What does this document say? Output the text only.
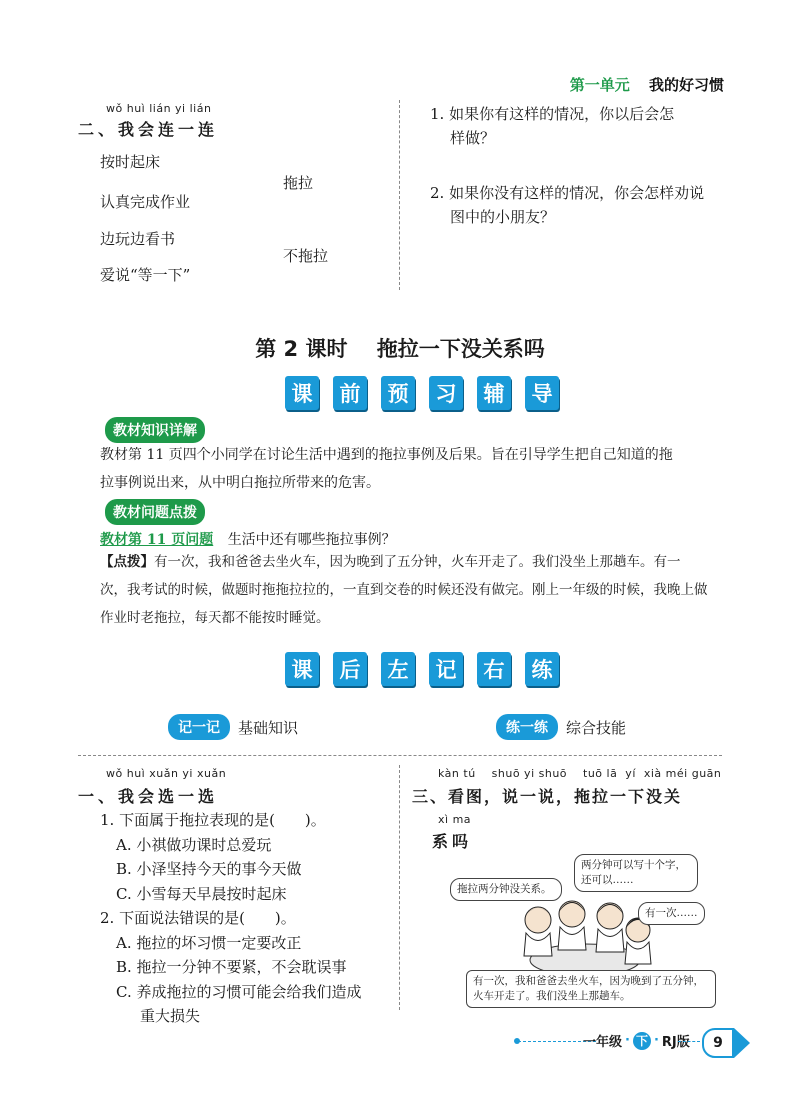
第一单元 我的好习惯
wǒ huì lián yi lián
二、我会连一连
按时起床
认真完成作业
边玩边看书
爱说“等一下”
拖拉
不拖拉
1. 如果你有这样的情况，你以后会怎
样做？
2. 如果你没有这样的情况，你会怎样劝说
图中的小朋友？
第 2 课时    拖拉一下没关系吗
课	前	预	习	辅	导
教材知识详解
教材第 11 页四个小同学在讨论生活中遇到的拖拉事例及后果。旨在引导学生把自己知道的拖
拉事例说出来，从中明白拖拉所带来的危害。
教材问题点拨
教材第 11 页问题 生活中还有哪些拖拉事例？
【点拨】有一次，我和爸爸去坐火车，因为晚到了五分钟，火车开走了。我们没坐上那趟车。有一
次，我考试的时候，做题时拖拖拉拉的，一直到交卷的时候还没有做完。刚上一年级的时候，我晚上做
作业时老拖拉，每天都不能按时睡觉。
课	后	左	记	右	练
记一记	基础知识	练一练	综合技能
wǒ huì xuǎn yi xuǎn
一、我会选一选
1. 下面属于拖拉表现的是(　　)。
A. 小祺做功课时总爱玩
B. 小泽坚持今天的事今天做
C. 小雪每天早晨按时起床
2. 下面说法错误的是(　　)。
A. 拖拉的坏习惯一定要改正
B. 拖拉一分钟不要紧，不会耽误事
C. 养成拖拉的习惯可能会给我们造成
重大损失
kàn tú    shuō yi shuō    tuō lā  yí  xià méi guān
三、看图，说一说，拖拉一下没关
xì ma
系吗
两分钟可以写十个字，还可以……
拖拉两分钟没关系。
有一次……
有一次，我和爸爸去坐火车，因为晚到了五分钟，火车开走了。我们没坐上那趟车。
一年级 · 下 · RJ版	9
